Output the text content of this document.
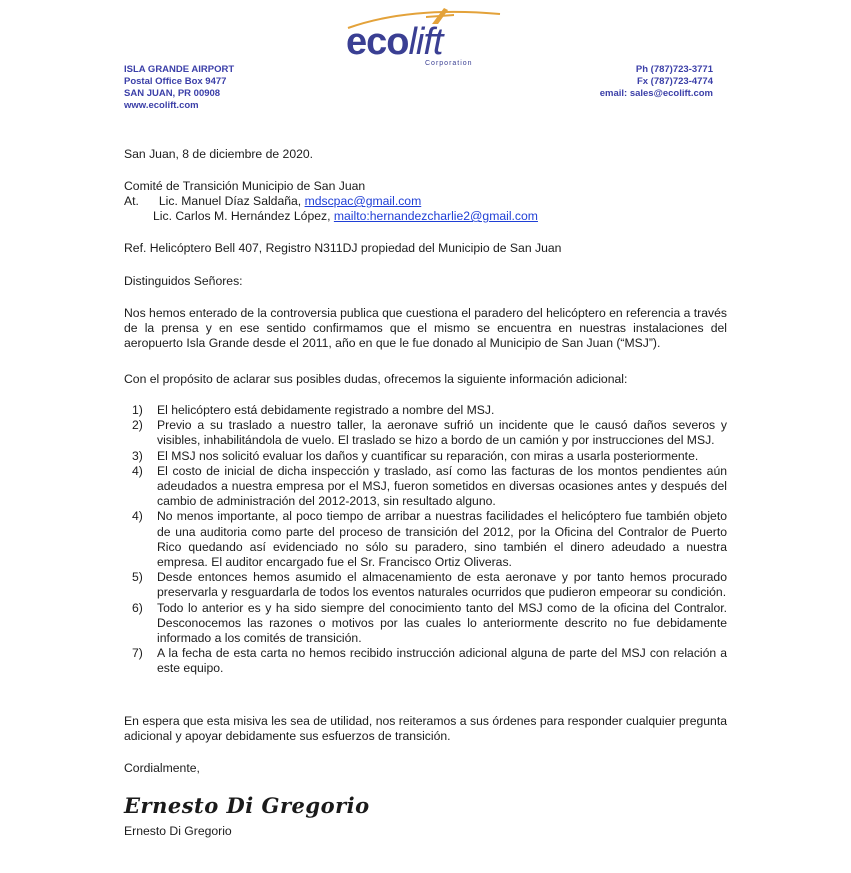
ecolift
Corporation
ISLA GRANDE AIRPORT
Postal Office Box 9477
SAN JUAN, PR 00908
www.ecolift.com
Ph (787)723-3771
Fx (787)723-4774
email: sales@ecolift.com
San Juan, 8 de diciembre de 2020.
Comité de Transición Municipio de San Juan
At. Lic. Manuel Díaz Saldaña, mdscpac@gmail.com
Lic. Carlos M. Hernández López, mailto:hernandezcharlie2@gmail.com
Ref. Helicóptero Bell 407, Registro N311DJ propiedad del Municipio de San Juan
Distinguidos Señores:
Nos hemos enterado de la controversia publica que cuestiona el paradero del helicóptero en referencia a través de la prensa y en ese sentido confirmamos que el mismo se encuentra en nuestras instalaciones del aeropuerto Isla Grande desde el 2011, año en que le fue donado al Municipio de San Juan (“MSJ”).
Con el propósito de aclarar sus posibles dudas, ofrecemos la siguiente información adicional:
1) El helicóptero está debidamente registrado a nombre del MSJ.
2) Previo a su traslado a nuestro taller, la aeronave sufrió un incidente que le causó daños severos y visibles, inhabilitándola de vuelo. El traslado se hizo a bordo de un camión y por instrucciones del MSJ.
3) El MSJ nos solicitó evaluar los daños y cuantificar su reparación, con miras a usarla posteriormente.
4) El costo de inicial de dicha inspección y traslado, así como las facturas de los montos pendientes aún adeudados a nuestra empresa por el MSJ, fueron sometidos en diversas ocasiones antes y después del cambio de administración del 2012-2013, sin resultado alguno.
4) No menos importante, al poco tiempo de arribar a nuestras facilidades el helicóptero fue también objeto de una auditoria como parte del proceso de transición del 2012, por la Oficina del Contralor de Puerto Rico quedando así evidenciado no sólo su paradero, sino también el dinero adeudado a nuestra empresa. El auditor encargado fue el Sr. Francisco Ortiz Oliveras.
5) Desde entonces hemos asumido el almacenamiento de esta aeronave y por tanto hemos procurado preservarla y resguardarla de todos los eventos naturales ocurridos que pudieron empeorar su condición.
6) Todo lo anterior es y ha sido siempre del conocimiento tanto del MSJ como de la oficina del Contralor. Desconocemos las razones o motivos por las cuales lo anteriormente descrito no fue debidamente informado a los comités de transición.
7) A la fecha de esta carta no hemos recibido instrucción adicional alguna de parte del MSJ con relación a este equipo.
En espera que esta misiva les sea de utilidad, nos reiteramos a sus órdenes para responder cualquier pregunta adicional y apoyar debidamente sus esfuerzos de transición.
Cordialmente,
Ernesto Di Gregorio
Ernesto Di Gregorio
